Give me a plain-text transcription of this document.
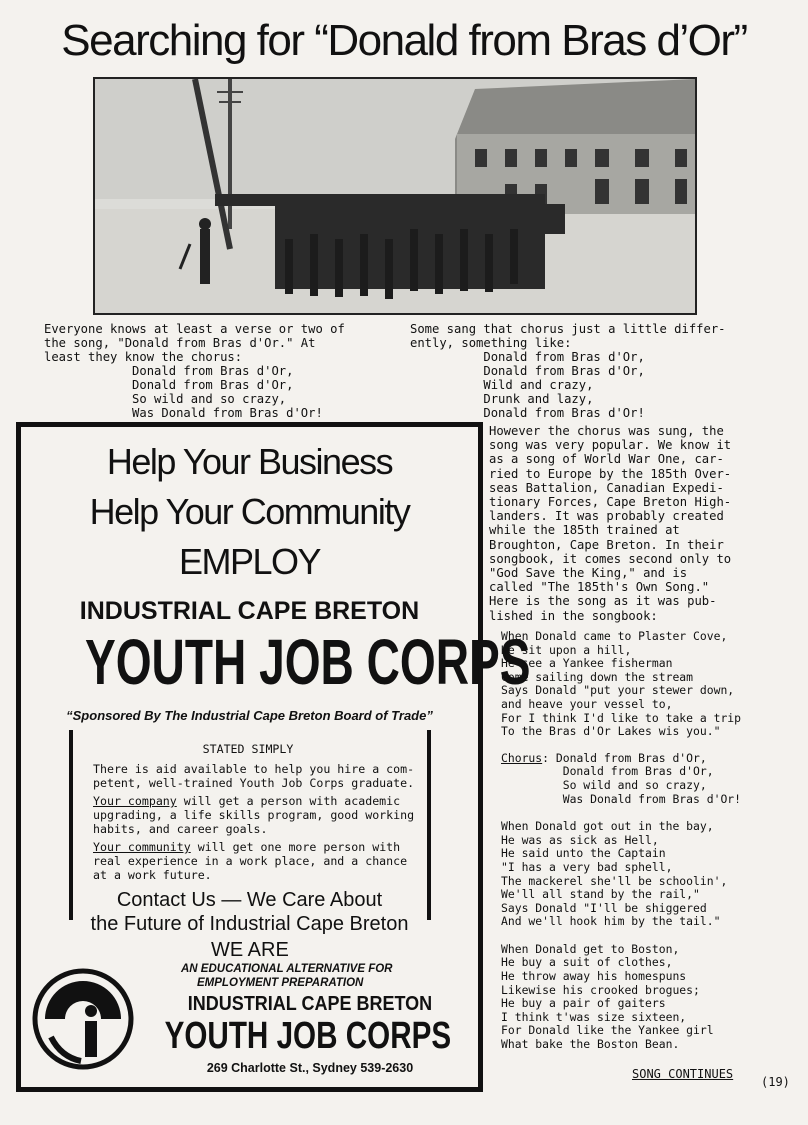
Searching for “Donald from Bras d’Or”
Everyone knows at least a verse or two of
the song, "Donald from Bras d'Or." At
least they know the chorus:
Donald from Bras d'Or,
Donald from Bras d'Or,
So wild and so crazy,
Was Donald from Bras d'Or!
Some sang that chorus just a little differ-
ently, something like:
Donald from Bras d'Or,
Donald from Bras d'Or,
Wild and crazy,
Drunk and lazy,
Donald from Bras d'Or!
Help Your Business
Help Your Community
EMPLOY
INDUSTRIAL CAPE BRETON
YOUTH JOB CORPS
“Sponsored By The Industrial Cape Breton Board of Trade”
STATED SIMPLY
There is aid available to help you hire a com-
petent, well-trained Youth Job Corps graduate.
Your company will get a person with academic
upgrading, a life skills program, good working
habits, and career goals.
Your community will get one more person with
real experience in a work place, and a chance
at a work future.
Contact Us — We Care About
the Future of Industrial Cape Breton
WE ARE
AN EDUCATIONAL ALTERNATIVE FOR
EMPLOYMENT PREPARATION
INDUSTRIAL CAPE BRETON
YOUTH JOB CORPS
269 Charlotte St., Sydney 539-2630
However the chorus was sung, the
song was very popular. We know it
as a song of World War One, car-
ried to Europe by the 185th Over-
seas Battalion, Canadian Expedi-
tionary Forces, Cape Breton High-
landers. It was probably created
while the 185th trained at
Broughton, Cape Breton. In their
songbook, it comes second only to
"God Save the King," and is
called "The 185th's Own Song."
Here is the song as it was pub-
lished in the songbook:
When Donald came to Plaster Cove,
He sit upon a hill,
He see a Yankee fisherman
Come sailing down the stream
Says Donald "put your stewer down,
and heave your vessel to,
For I think I'd like to take a trip
To the Bras d'Or Lakes wis you."
Chorus: Donald from Bras d'Or,
Donald from Bras d'Or,
So wild and so crazy,
Was Donald from Bras d'Or!
When Donald got out in the bay,
He was as sick as Hell,
He said unto the Captain
"I has a very bad sphell,
The mackerel she'll be schoolin',
We'll all stand by the rail,"
Says Donald "I'll be shiggered
And we'll hook him by the tail."
When Donald get to Boston,
He buy a suit of clothes,
He throw away his homespuns
Likewise his crooked brogues;
He buy a pair of gaiters
I think t'was size sixteen,
For Donald like the Yankee girl
What bake the Boston Bean.
SONG CONTINUES
(19)
